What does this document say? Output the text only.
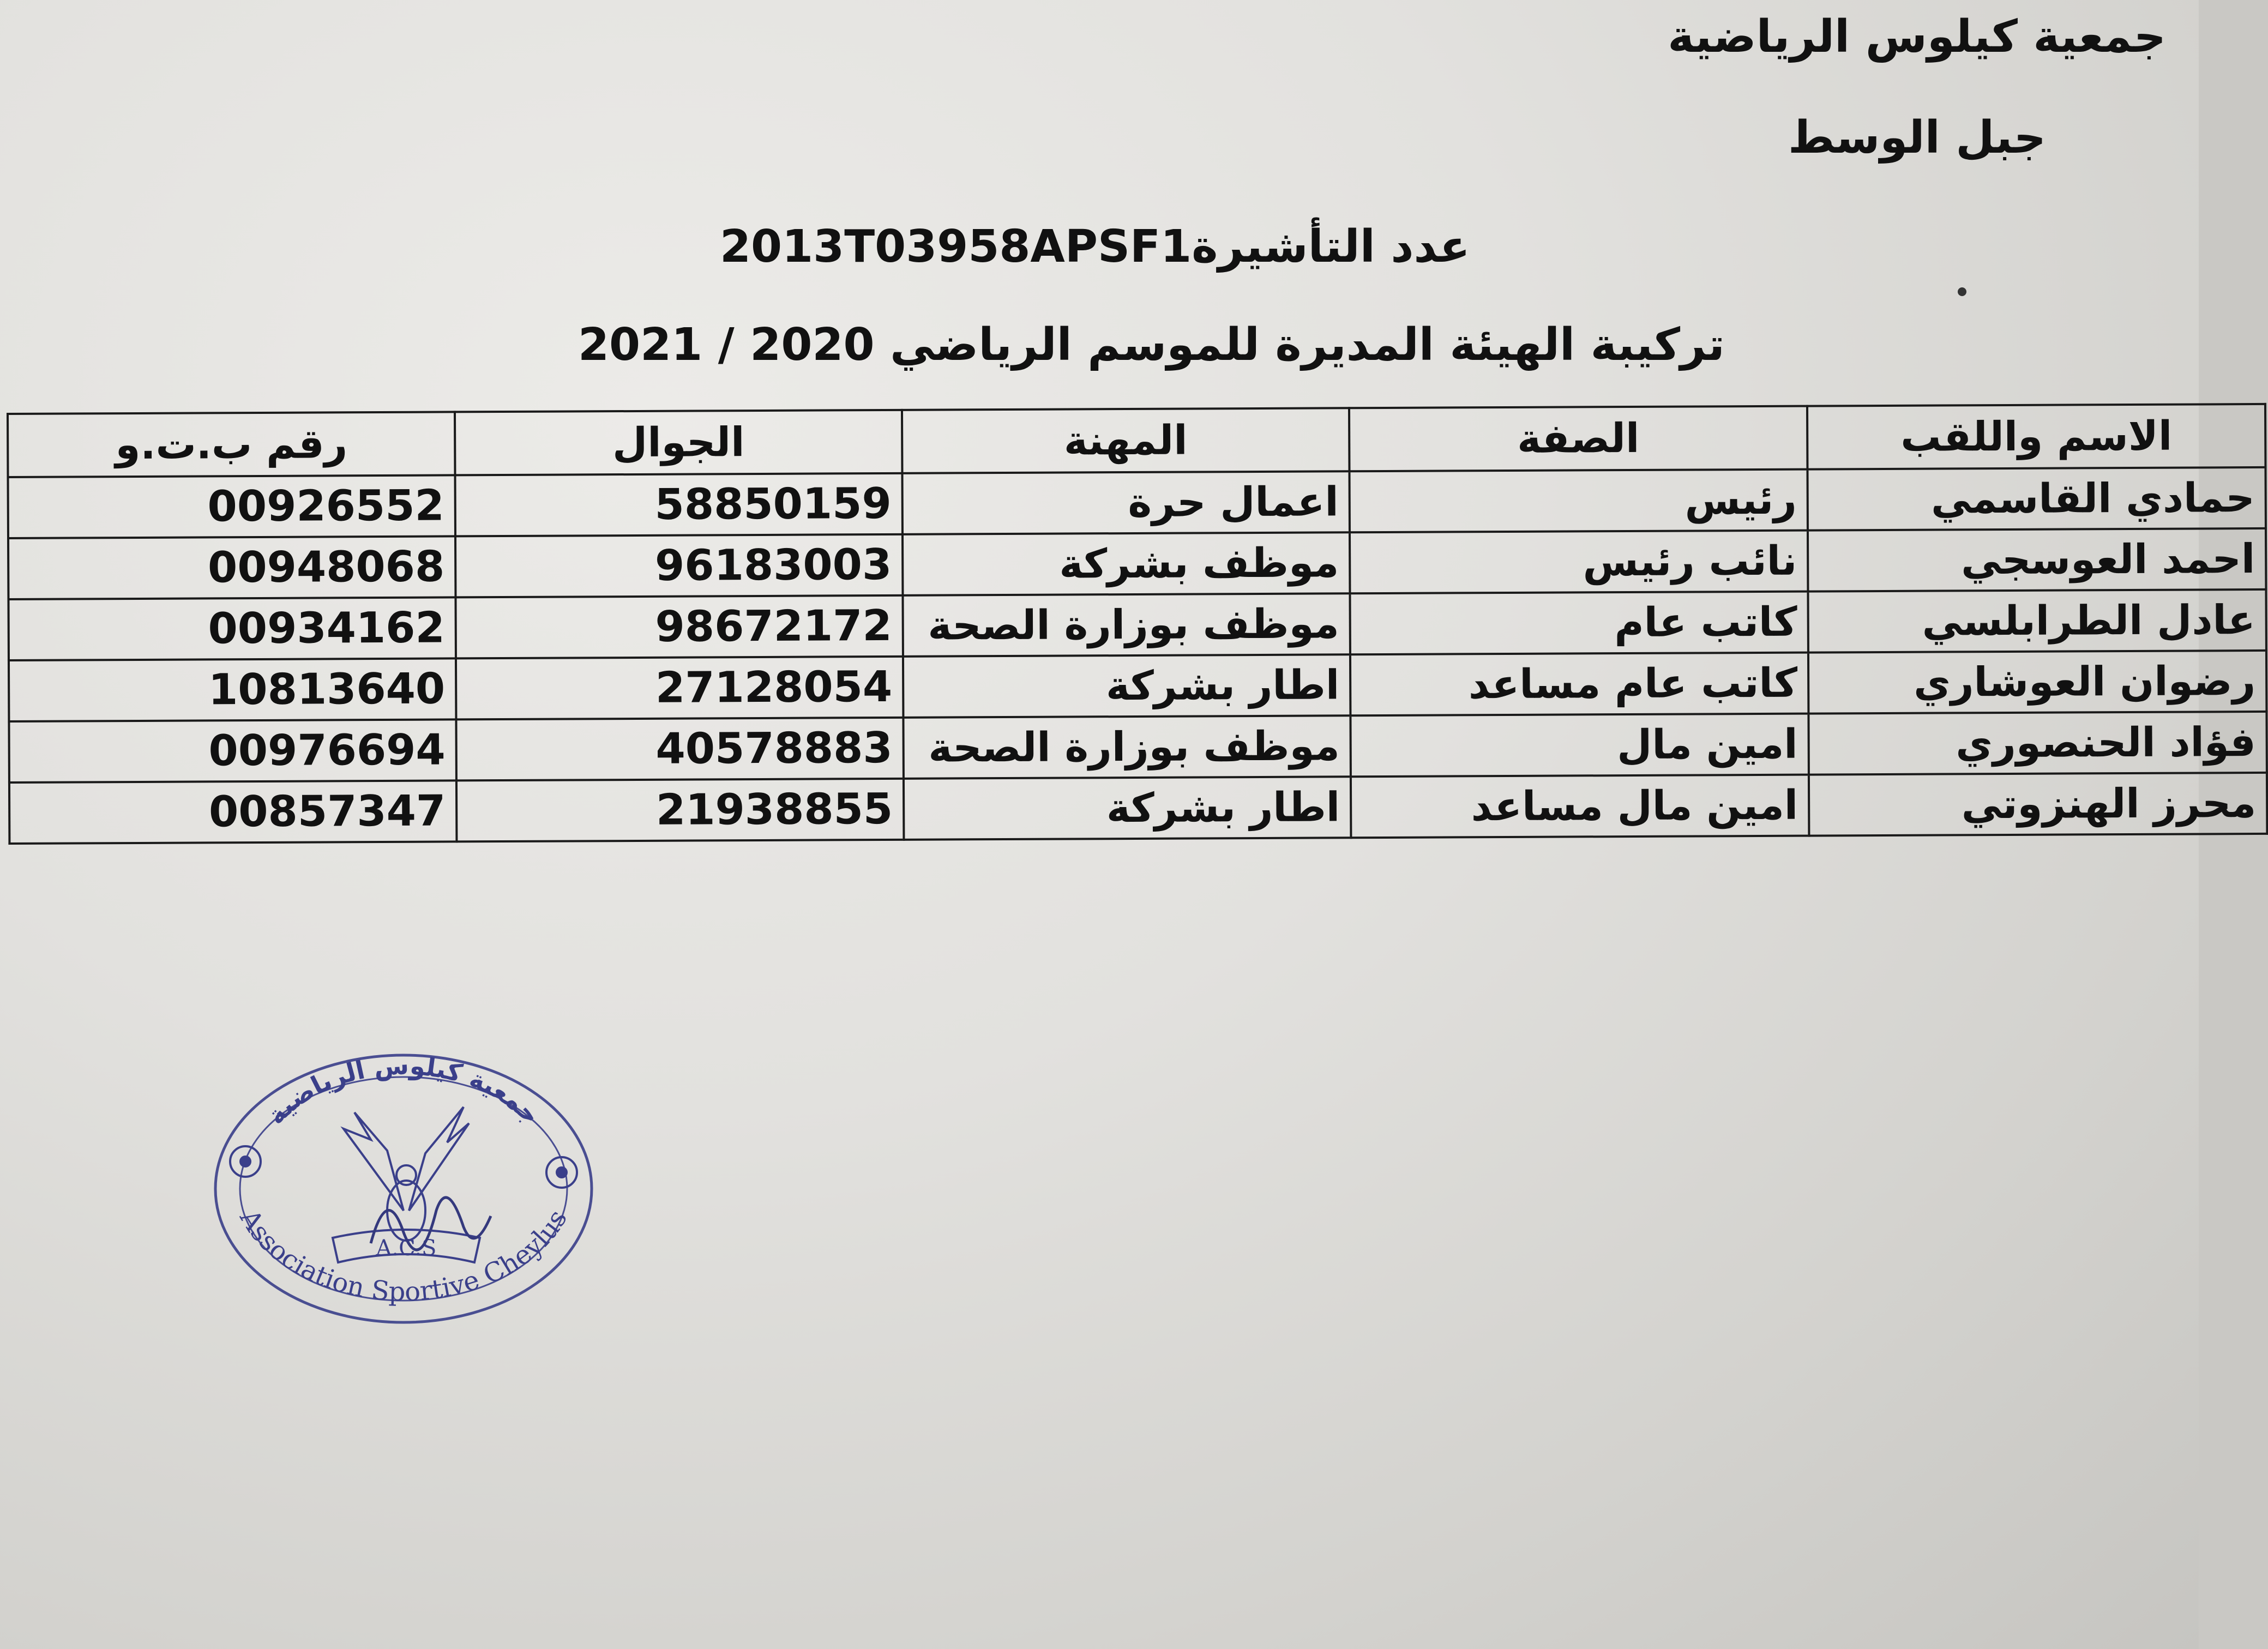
جمعية كيلوس الرياضية
جبل الوسط
عدد التأشيرة2013T03958APSF1
تركيبة الهيئة المديرة للموسم الرياضي 2020 / 2021
الاسم واللقب	الصفة	المهنة	الجوال	رقم ب.ت.و
حمادي القاسمي	رئيس	اعمال حرة	58850159	00926552
احمد العوسجي	نائب رئيس	موظف بشركة	96183003	00948068
عادل الطرابلسي	كاتب عام	موظف بوزارة الصحة	98672172	00934162
رضوان العوشاري	كاتب عام مساعد	اطار بشركة	27128054	10813640
فؤاد الحنصوري	امين مال	موظف بوزارة الصحة	40578883	00976694
محرز الهنزوتي	امين مال مساعد	اطار بشركة	21938855	00857347
جمعية كيلوس الرياضية
Association Sportive Cheylus
A.C.S
